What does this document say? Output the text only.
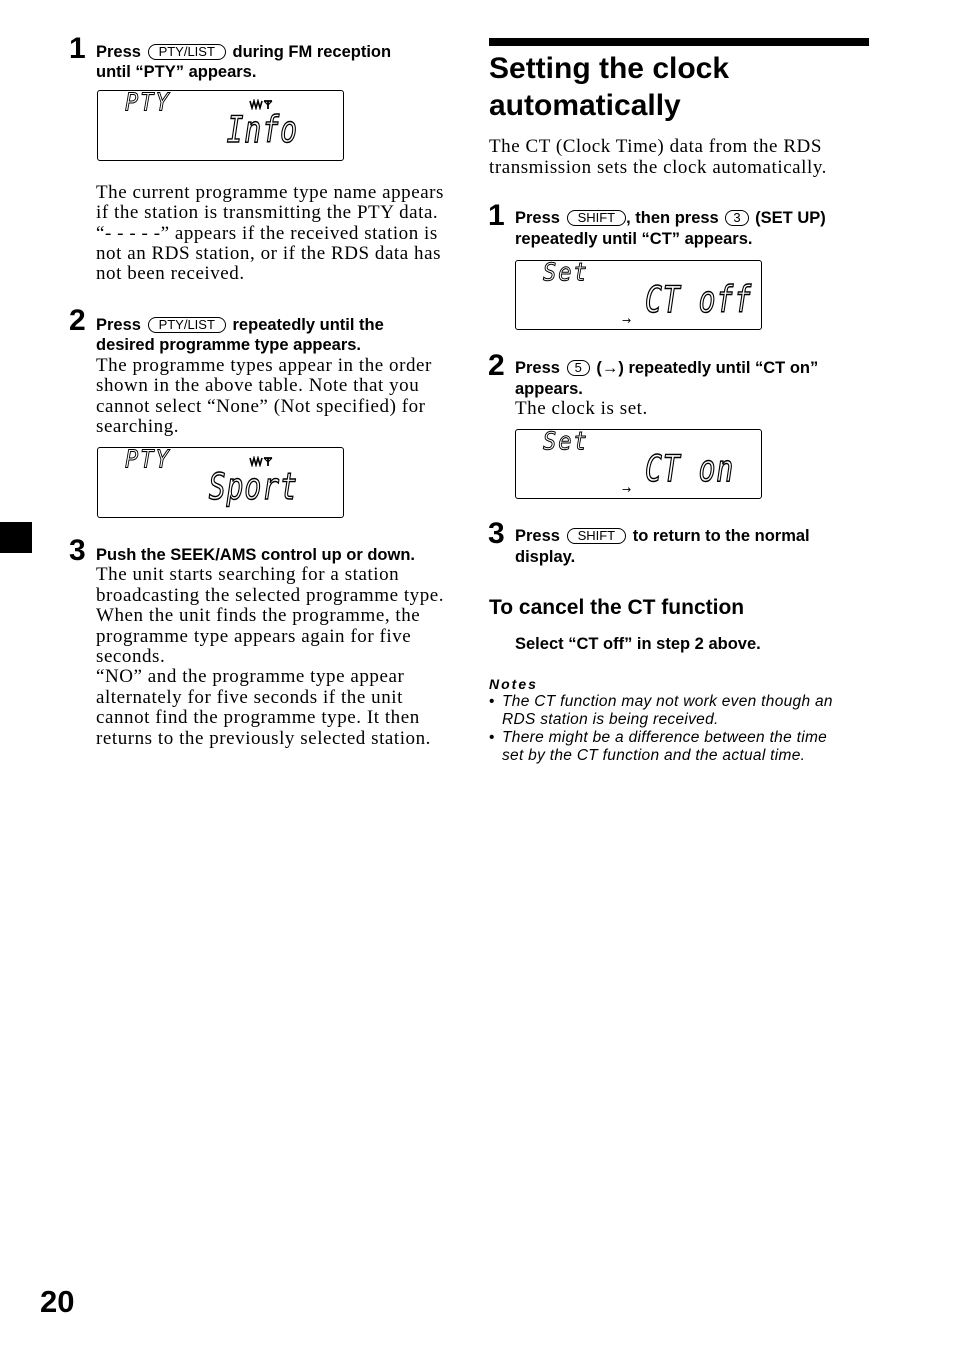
1 Press PTY/LIST during FM reception
until “PTY” appears.
PTY
Info
The current programme type name appears
if the station is transmitting the PTY data.
“- - - - -” appears if the received station is
not an RDS station, or if the RDS data has
not been received.
2 Press PTY/LIST repeatedly until the
desired programme type appears.
The programme types appear in the order
shown in the above table. Note that you
cannot select “None” (Not specified) for
searching.
PTY
Sport
3 Push the SEEK/AMS control up or down.
The unit starts searching for a station
broadcasting the selected programme type.
When the unit finds the programme, the
programme type appears again for five
seconds.
“NO” and the programme type appear
alternately for five seconds if the unit
cannot find the programme type. It then
returns to the previously selected station.
Setting the clock
automatically
The CT (Clock Time) data from the RDS
transmission sets the clock automatically.
1 Press SHIFT , then press 3 (SET UP)
repeatedly until “CT” appears.
Set
CT off
→
2 Press 5 (→) repeatedly until “CT on”
appears.
The clock is set.
Set
CT on
→
3 Press SHIFT to return to the normal
display.
To cancel the CT function
Select “CT off” in step 2 above.
Notes
• The CT function may not work even though an
RDS station is being received.
• There might be a difference between the time
set by the CT function and the actual time.
20
